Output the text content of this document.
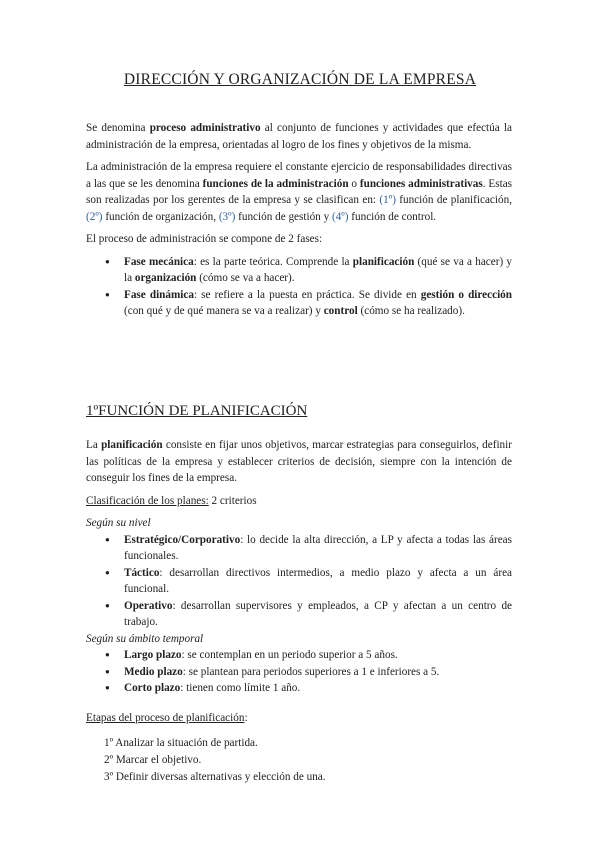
DIRECCIÓN Y ORGANIZACIÓN DE LA EMPRESA

Se denomina proceso administrativo al conjunto de funciones y actividades que efectúa la administración de la empresa, orientadas al logro de los fines y objetivos de la misma.

La administración de la empresa requiere el constante ejercicio de responsabilidades directivas a las que se les denomina funciones de la administración o funciones administrativas. Estas son realizadas por los gerentes de la empresa y se clasifican en: (1º) función de planificación, (2º) función de organización, (3º) función de gestión y (4º) función de control.

El proceso de administración se compone de 2 fases:

● Fase mecánica: es la parte teórica. Comprende la planificación (qué se va a hacer) y la organización (cómo se va a hacer).
● Fase dinámica: se refiere a la puesta en práctica. Se divide en gestión o dirección (con qué y de qué manera se va a realizar) y control (cómo se ha realizado).
1ºFUNCIÓN DE PLANIFICACIÓN

La planificación consiste en fijar unos objetivos, marcar estrategias para conseguirlos, definir las políticas de la empresa y establecer criterios de decisión, siempre con la intención de conseguir los fines de la empresa.

Clasificación de los planes: 2 criterios

Según su nivel

● Estratégico/Corporativo: lo decide la alta dirección, a LP y afecta a todas las áreas funcionales.
● Táctico: desarrollan directivos intermedios, a medio plazo y afecta a un área funcional.
● Operativo: desarrollan supervisores y empleados, a CP y afectan a un centro de trabajo.

Según su ámbito temporal

● Largo plazo: se contemplan en un periodo superior a 5 años.
● Medio plazo: se plantean para periodos superiores a 1 e inferiores a 5.
● Corto plazo: tienen como límite 1 año.

Etapas del proceso de planificación:

1º Analizar la situación de partida.
2º Marcar el objetivo.
3º Definir diversas alternativas y elección de una.
